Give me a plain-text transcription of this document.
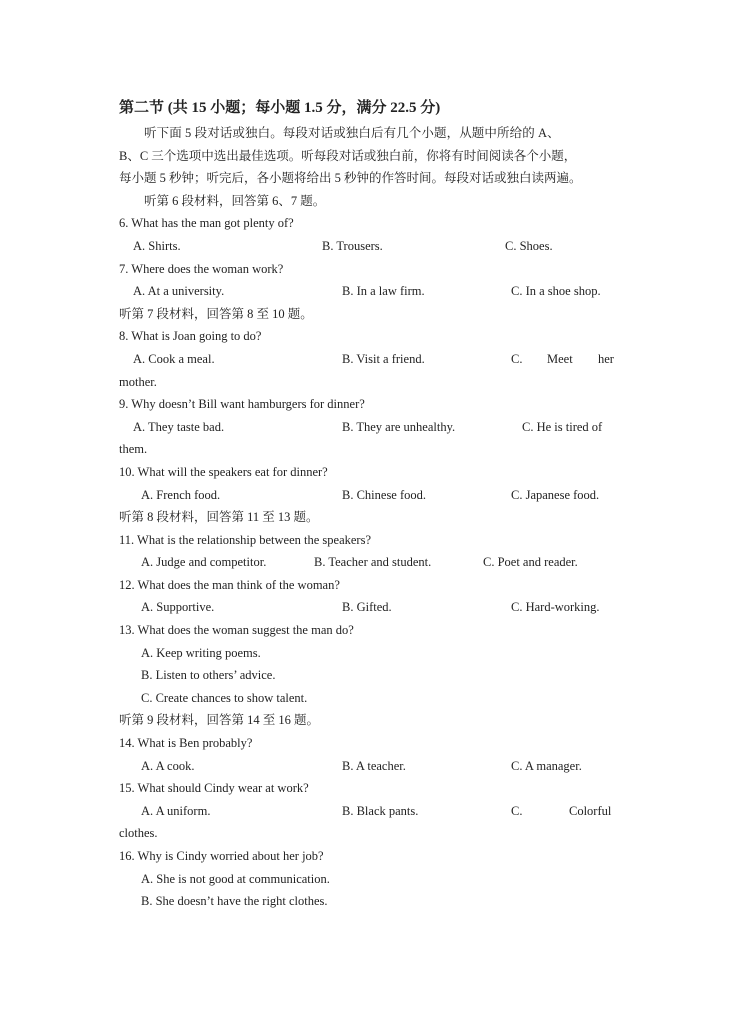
第二节 (共 15 小题；每小题 1.5 分，满分 22.5 分)
听下面 5 段对话或独白。每段对话或独白后有几个小题，从题中所给的 A、
B、C 三个选项中选出最佳选项。听每段对话或独白前，你将有时间阅读各个小题，
每小题 5 秒钟；听完后，各小题将给出 5 秒钟的作答时间。每段对话或独白读两遍。
听第 6 段材料，回答第 6、7 题。
6. What has the man got plenty of?
A. Shirts.	B. Trousers.	C. Shoes.
7. Where does the woman work?
A. At a university.	B. In a law firm.	C. In a shoe shop.
听第 7 段材料，回答第 8 至 10 题。
8. What is Joan going to do?
A. Cook a meal.	B. Visit a friend.	C. Meet her
mother.
9. Why doesn’t Bill want hamburgers for dinner?
A. They taste bad.	B. They are unhealthy.	C. He is tired of
them.
10. What will the speakers eat for dinner?
A. French food.	B. Chinese food.	C. Japanese food.
听第 8 段材料，回答第 11 至 13 题。
11. What is the relationship between the speakers?
A. Judge and competitor.	B. Teacher and student.	C. Poet and reader.
12. What does the man think of the woman?
A. Supportive.	B. Gifted.	C. Hard-working.
13. What does the woman suggest the man do?
A. Keep writing poems.
B. Listen to others’ advice.
C. Create chances to show talent.
听第 9 段材料，回答第 14 至 16 题。
14. What is Ben probably?
A. A cook.	B. A teacher.	C. A manager.
15. What should Cindy wear at work?
A. A uniform.	B. Black pants.	C.	Colorful
clothes.
16. Why is Cindy worried about her job?
A. She is not good at communication.
B. She doesn’t have the right clothes.
